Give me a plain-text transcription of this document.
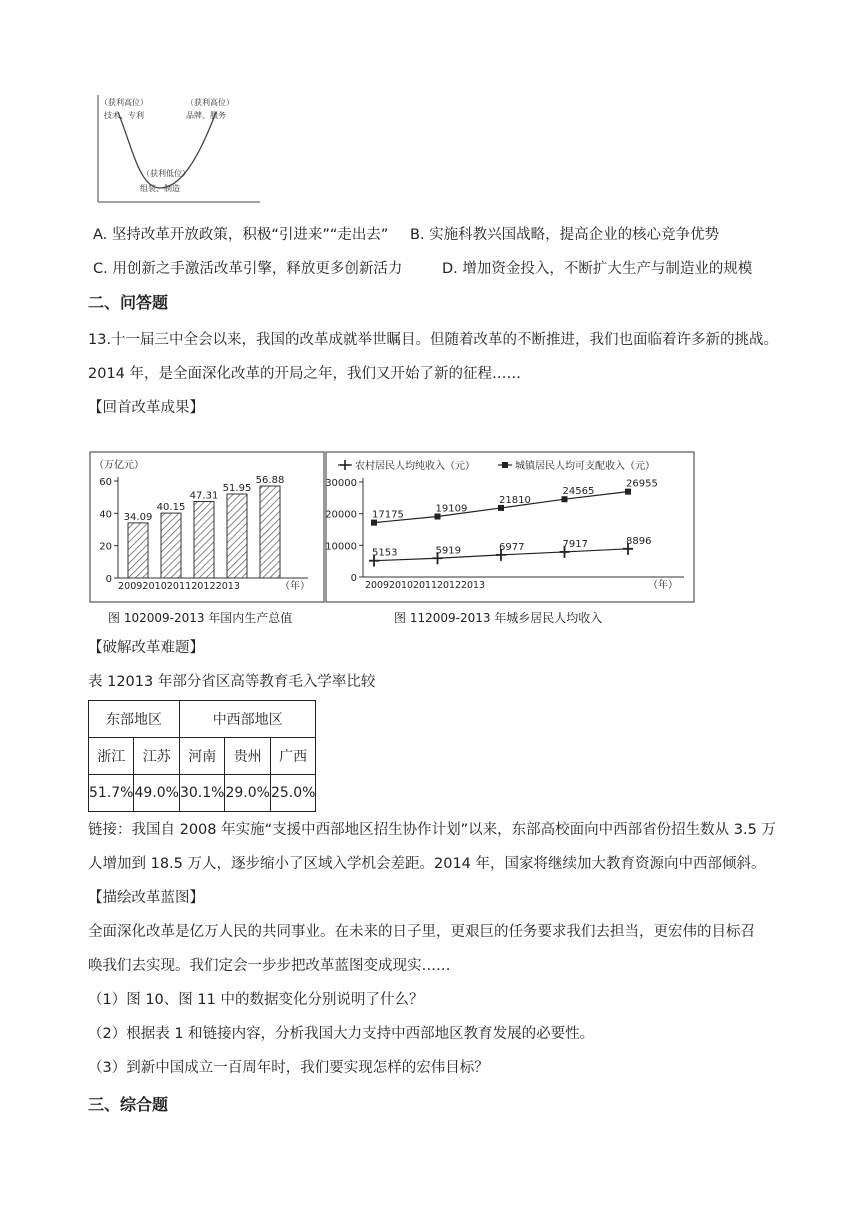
（获利高位）
技术、专利
（获利高位）
品牌、服务
（获利低位）
组装、制造
A. 坚持改革开放政策，积极“引进来”“走出去” B. 实施科教兴国战略，提高企业的核心竞争优势
C. 用创新之手激活改革引擎，释放更多创新活力	D. 增加资金投入，不断扩大生产与制造业的规模
二、问答题
13.十一届三中全会以来，我国的改革成就举世瞩目。但随着改革的不断推进，我们也面临着许多新的挑战。
2014 年，是全面深化改革的开局之年，我们又开始了新的征程……
【回首改革成果】
（万亿元）
0
20
40
60
34.09
40.15
47.31
51.95
56.88
20092010201120122013	（年）
0
10000
20000
30000
20092010201120122013	（年）
农村居民人均纯收入（元）	城镇居民人均可支配收入（元）
5153	5919	6977	7917	8896
17175
19109
21810
24565
26955
图 102009-2013 年国内生产总值	图 112009-2013 年城乡居民人均收入
【破解改革难题】
表 12013 年部分省区高等教育毛入学率比较
东部地区		中西部地区		
浙江	江苏	河南	贵州	广西
51.7%	49.0%	30.1%	29.0%	25.0%
链接：我国自 2008 年实施“支援中西部地区招生协作计划”以来，东部高校面向中西部省份招生数从 3.5 万
人增加到 18.5 万人，逐步缩小了区域入学机会差距。2014 年，国家将继续加大教育资源向中西部倾斜。
【描绘改革蓝图】
全面深化改革是亿万人民的共同事业。在未来的日子里，更艰巨的任务要求我们去担当，更宏伟的目标召
唤我们去实现。我们定会一步步把改革蓝图变成现实……
（1）图 10、图 11 中的数据变化分别说明了什么？
（2）根据表 1 和链接内容，分析我国大力支持中西部地区教育发展的必要性。
（3）到新中国成立一百周年时，我们要实现怎样的宏伟目标？
三、综合题
